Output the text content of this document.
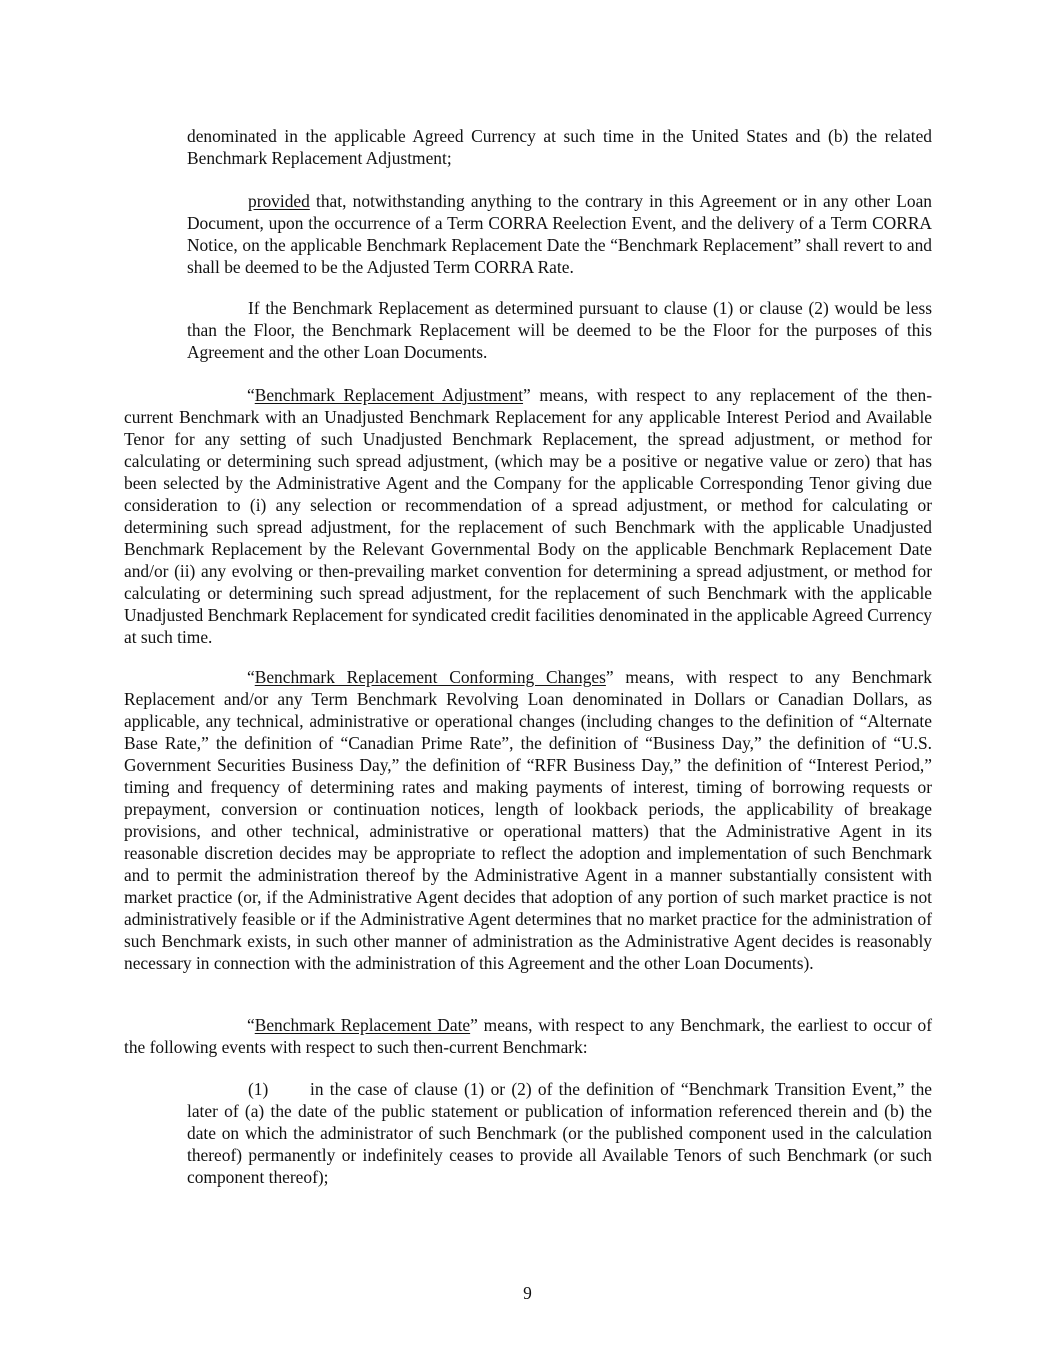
denominated in the applicable Agreed Currency at such time in the United States and (b) the related Benchmark Replacement Adjustment;

provided that, notwithstanding anything to the contrary in this Agreement or in any other Loan Document, upon the occurrence of a Term CORRA Reelection Event, and the delivery of a Term CORRA Notice, on the applicable Benchmark Replacement Date the “Benchmark Replacement” shall revert to and shall be deemed to be the Adjusted Term CORRA Rate.

If the Benchmark Replacement as determined pursuant to clause (1) or clause (2) would be less than the Floor, the Benchmark Replacement will be deemed to be the Floor for the purposes of this Agreement and the other Loan Documents.

“Benchmark Replacement Adjustment” means, with respect to any replacement of the then-current Benchmark with an Unadjusted Benchmark Replacement for any applicable Interest Period and Available Tenor for any setting of such Unadjusted Benchmark Replacement, the spread adjustment, or method for calculating or determining such spread adjustment, (which may be a positive or negative value or zero) that has been selected by the Administrative Agent and the Company for the applicable Corresponding Tenor giving due consideration to (i) any selection or recommendation of a spread adjustment, or method for calculating or determining such spread adjustment, for the replacement of such Benchmark with the applicable Unadjusted Benchmark Replacement by the Relevant Governmental Body on the applicable Benchmark Replacement Date and/or (ii) any evolving or then-prevailing market convention for determining a spread adjustment, or method for calculating or determining such spread adjustment, for the replacement of such Benchmark with the applicable Unadjusted Benchmark Replacement for syndicated credit facilities denominated in the applicable Agreed Currency at such time.

“Benchmark Replacement Conforming Changes” means, with respect to any Benchmark Replacement and/or any Term Benchmark Revolving Loan denominated in Dollars or Canadian Dollars, as applicable, any technical, administrative or operational changes (including changes to the definition of “Alternate Base Rate,” the definition of “Canadian Prime Rate”, the definition of “Business Day,” the definition of “U.S. Government Securities Business Day,” the definition of “RFR Business Day,” the definition of “Interest Period,” timing and frequency of determining rates and making payments of interest, timing of borrowing requests or prepayment, conversion or continuation notices, length of lookback periods, the applicability of breakage provisions, and other technical, administrative or operational matters) that the Administrative Agent in its reasonable discretion decides may be appropriate to reflect the adoption and implementation of such Benchmark and to permit the administration thereof by the Administrative Agent in a manner substantially consistent with market practice (or, if the Administrative Agent decides that adoption of any portion of such market practice is not administratively feasible or if the Administrative Agent determines that no market practice for the administration of such Benchmark exists, in such other manner of administration as the Administrative Agent decides is reasonably necessary in connection with the administration of this Agreement and the other Loan Documents).

“Benchmark Replacement Date” means, with respect to any Benchmark, the earliest to occur of the following events with respect to such then-current Benchmark:

(1) in the case of clause (1) or (2) of the definition of “Benchmark Transition Event,” the later of (a) the date of the public statement or publication of information referenced therein and (b) the date on which the administrator of such Benchmark (or the published component used in the calculation thereof) permanently or indefinitely ceases to provide all Available Tenors of such Benchmark (or such component thereof);

9
